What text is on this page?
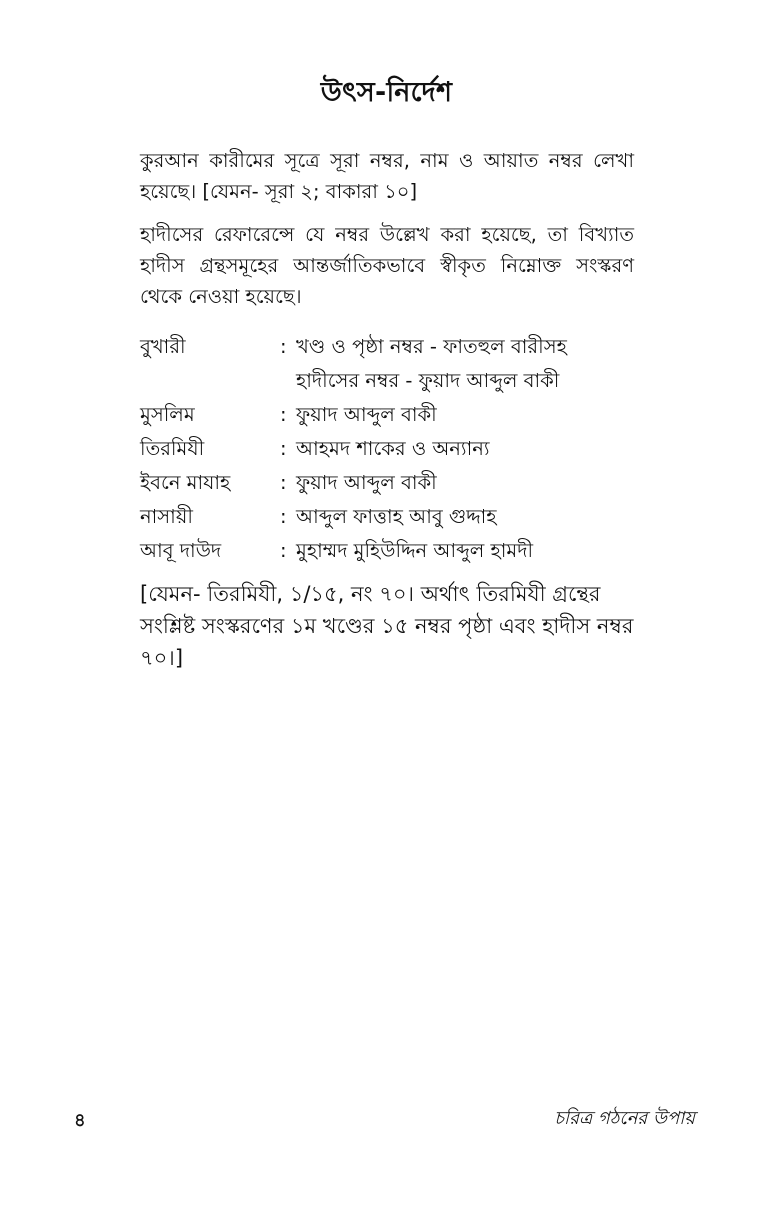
উৎস-নির্দেশ

কুরআন কারীমের সূত্রে সূরা নম্বর, নাম ও আয়াত নম্বর লেখা হয়েছে। [যেমন- সূরা ২; বাকারা ১০]

হাদীসের রেফারেন্সে যে নম্বর উল্লেখ করা হয়েছে, তা বিখ্যাত হাদীস গ্রন্থসমূহের আন্তর্জাতিকভাবে স্বীকৃত নিম্নোক্ত সংস্করণ থেকে নেওয়া হয়েছে।

বুখারী	: খণ্ড ও পৃষ্ঠা নম্বর - ফাতহুল বারীসহ
হাদীসের নম্বর - ফুয়াদ আব্দুল বাকী
মুসলিম	: ফুয়াদ আব্দুল বাকী
তিরমিযী	: আহমদ শাকের ও অন্যান্য
ইবনে মাযাহ	: ফুয়াদ আব্দুল বাকী
নাসায়ী	: আব্দুল ফাত্তাহ আবু গুদ্দাহ
আবূ দাউদ	: মুহাম্মদ মুহিউদ্দিন আব্দুল হামদী

[যেমন- তিরমিযী, ১/১৫, নং ৭০। অর্থাৎ তিরমিযী গ্রন্থের সংশ্লিষ্ট সংস্করণের ১ম খণ্ডের ১৫ নম্বর পৃষ্ঠা এবং হাদীস নম্বর ৭০।]

৪	চরিত্র গঠনের উপায়
